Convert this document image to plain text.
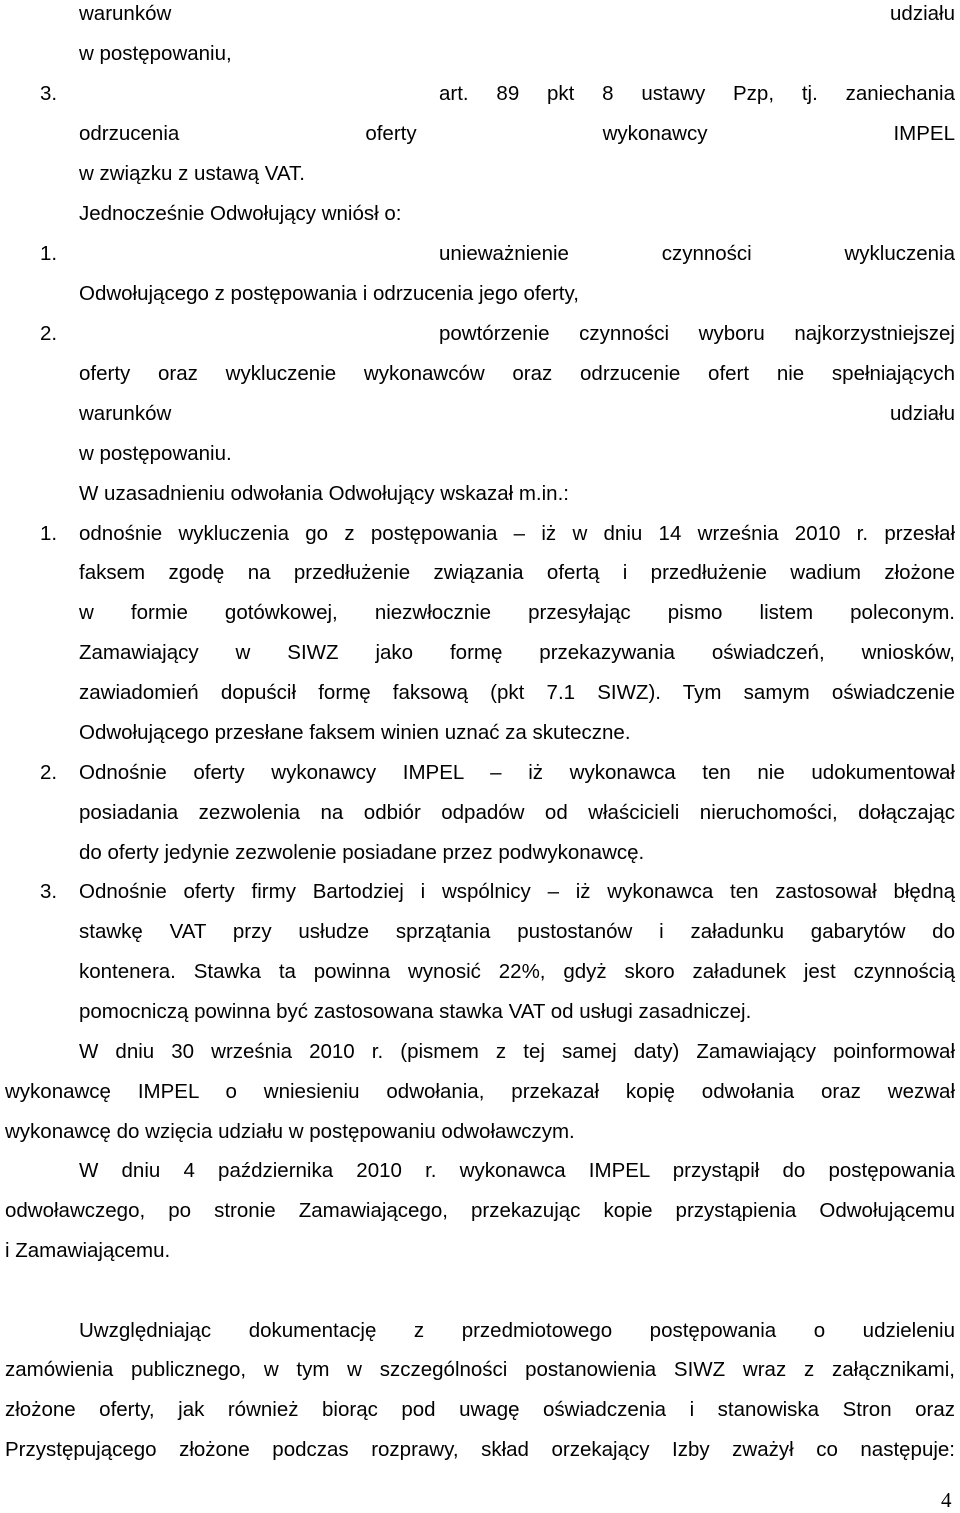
warunków udziału
w postępowaniu,
3.	art. 89 pkt 8 ustawy Pzp, tj. zaniechania
odrzucenia oferty wykonawcy IMPEL
w związku z ustawą VAT.
Jednocześnie Odwołujący wniósł o:
1.	unieważnienie czynności wykluczenia
Odwołującego z postępowania i odrzucenia jego oferty,
2.	powtórzenie czynności wyboru najkorzystniejszej
oferty oraz wykluczenie wykonawców oraz odrzucenie ofert nie spełniających
warunków udziału
w postępowaniu.
W uzasadnieniu odwołania Odwołujący wskazał m.in.:
1. odnośnie wykluczenia go z postępowania – iż w dniu 14 września 2010 r. przesłał
faksem zgodę na przedłużenie związania ofertą i przedłużenie wadium złożone
w formie gotówkowej, niezwłocznie przesyłając pismo listem poleconym.
Zamawiający w SIWZ jako formę przekazywania oświadczeń, wniosków,
zawiadomień dopuścił formę faksową (pkt 7.1 SIWZ). Tym samym oświadczenie
Odwołującego przesłane faksem winien uznać za skuteczne.
2. Odnośnie oferty wykonawcy IMPEL – iż wykonawca ten nie udokumentował
posiadania zezwolenia na odbiór odpadów od właścicieli nieruchomości, dołączając
do oferty jedynie zezwolenie posiadane przez podwykonawcę.
3. Odnośnie oferty firmy Bartodziej i wspólnicy – iż wykonawca ten zastosował błędną
stawkę VAT przy usłudze sprzątania pustostanów i załadunku gabarytów do
kontenera. Stawka ta powinna wynosić 22%, gdyż skoro załadunek jest czynnością
pomocniczą powinna być zastosowana stawka VAT od usługi zasadniczej.
W dniu 30 września 2010 r. (pismem z tej samej daty) Zamawiający poinformował
wykonawcę IMPEL o wniesieniu odwołania, przekazał kopię odwołania oraz wezwał
wykonawcę do wzięcia udziału w postępowaniu odwoławczym.
W dniu 4 października 2010 r. wykonawca IMPEL przystąpił do postępowania
odwoławczego, po stronie Zamawiającego, przekazując kopie przystąpienia Odwołującemu
i Zamawiającemu.
Uwzględniając dokumentację z przedmiotowego postępowania o udzieleniu
zamówienia publicznego, w tym w szczególności postanowienia SIWZ wraz z załącznikami,
złożone oferty, jak również biorąc pod uwagę oświadczenia i stanowiska Stron oraz
Przystępującego złożone podczas rozprawy, skład orzekający Izby zważył co następuje:
4
